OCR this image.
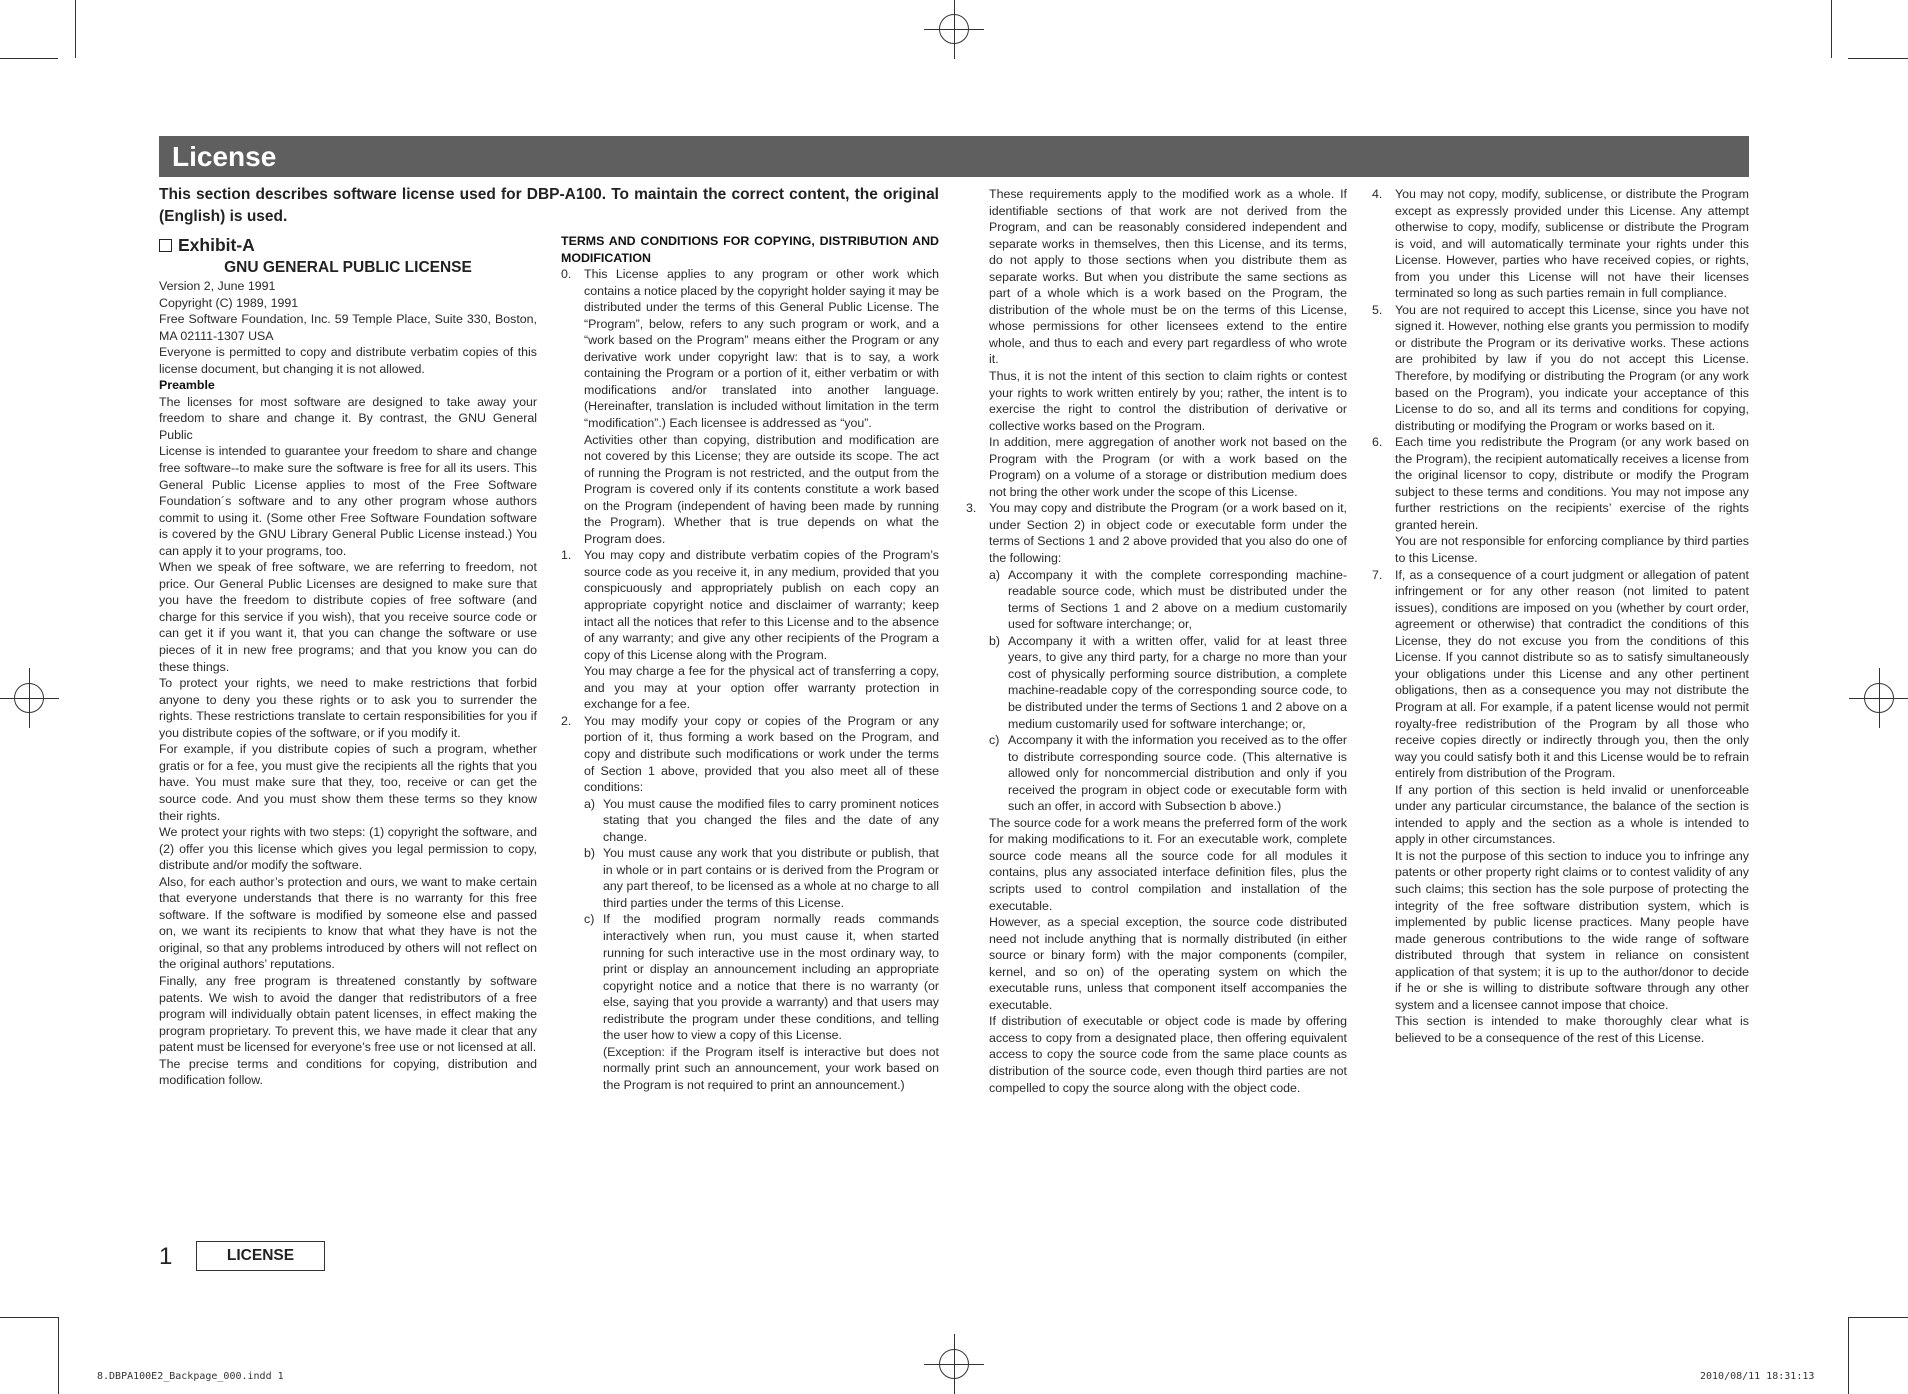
License
This section describes software license used for DBP-A100. To maintain the correct content, the original (English) is used.
Exhibit-A
GNU GENERAL PUBLIC LICENSE

Version 2, June 1991

Copyright (C) 1989, 1991

Free Software Foundation, Inc. 59 Temple Place, Suite 330, Boston, MA 02111-1307 USA

Everyone is permitted to copy and distribute verbatim copies of this license document, but changing it is not allowed.

Preamble

The licenses for most software are designed to take away your freedom to share and change it. By contrast, the GNU General Public

License is intended to guarantee your freedom to share and change free software--to make sure the software is free for all its users. This General Public License applies to most of the Free Software Foundation´s software and to any other program whose authors commit to using it. (Some other Free Software Foundation software is covered by the GNU Library General Public License instead.) You can apply it to your programs, too.

When we speak of free software, we are referring to freedom, not price. Our General Public Licenses are designed to make sure that you have the freedom to distribute copies of free software (and charge for this service if you wish), that you receive source code or can get it if you want it, that you can change the software or use pieces of it in new free programs; and that you know you can do these things.

To protect your rights, we need to make restrictions that forbid anyone to deny you these rights or to ask you to surrender the rights. These restrictions translate to certain responsibilities for you if you distribute copies of the software, or if you modify it.

For example, if you distribute copies of such a program, whether gratis or for a fee, you must give the recipients all the rights that you have. You must make sure that they, too, receive or can get the source code. And you must show them these terms so they know their rights.

We protect your rights with two steps: (1) copyright the software, and (2) offer you this license which gives you legal permission to copy, distribute and/or modify the software.

Also, for each author’s protection and ours, we want to make certain that everyone understands that there is no warranty for this free software. If the software is modified by someone else and passed on, we want its recipients to know that what they have is not the original, so that any problems introduced by others will not reflect on the original authors’ reputations.

Finally, any free program is threatened constantly by software patents. We wish to avoid the danger that redistributors of a free program will individually obtain patent licenses, in effect making the program proprietary. To prevent this, we have made it clear that any patent must be licensed for everyone’s free use or not licensed at all.

The precise terms and conditions for copying, distribution and modification follow.

TERMS AND CONDITIONS FOR COPYING, DISTRIBUTION AND MODIFICATION

0. This License applies to any program or other work which contains a notice placed by the copyright holder saying it may be distributed under the terms of this General Public License. The “Program”, below, refers to any such program or work, and a “work based on the Program” means either the Program or any derivative work under copyright law: that is to say, a work containing the Program or a portion of it, either verbatim or with modifications and/or translated into another language. (Hereinafter, translation is included without limitation in the term “modification”.) Each licensee is addressed as “you”.
Activities other than copying, distribution and modification are not covered by this License; they are outside its scope. The act of running the Program is not restricted, and the output from the Program is covered only if its contents constitute a work based on the Program (independent of having been made by running the Program). Whether that is true depends on what the Program does.
1. You may copy and distribute verbatim copies of the Program’s source code as you receive it, in any medium, provided that you conspicuously and appropriately publish on each copy an appropriate copyright notice and disclaimer of warranty; keep intact all the notices that refer to this License and to the absence of any warranty; and give any other recipients of the Program a copy of this License along with the Program.
You may charge a fee for the physical act of transferring a copy, and you may at your option offer warranty protection in exchange for a fee.
2. You may modify your copy or copies of the Program or any portion of it, thus forming a work based on the Program, and copy and distribute such modifications or work under the terms of Section 1 above, provided that you also meet all of these conditions:
a) You must cause the modified files to carry prominent notices stating that you changed the files and the date of any change.
b) You must cause any work that you distribute or publish, that in whole or in part contains or is derived from the Program or any part thereof, to be licensed as a whole at no charge to all third parties under the terms of this License.
c) If the modified program normally reads commands interactively when run, you must cause it, when started running for such interactive use in the most ordinary way, to print or display an announcement including an appropriate copyright notice and a notice that there is no warranty (or else, saying that you provide a warranty) and that users may redistribute the program under these conditions, and telling the user how to view a copy of this License.
(Exception: if the Program itself is interactive but does not normally print such an announcement, your work based on the Program is not required to print an announcement.)
These requirements apply to the modified work as a whole. If identifiable sections of that work are not derived from the Program, and can be reasonably considered independent and separate works in themselves, then this License, and its terms, do not apply to those sections when you distribute them as separate works. But when you distribute the same sections as part of a whole which is a work based on the Program, the distribution of the whole must be on the terms of this License, whose permissions for other licensees extend to the entire whole, and thus to each and every part regardless of who wrote it.
Thus, it is not the intent of this section to claim rights or contest your rights to work written entirely by you; rather, the intent is to exercise the right to control the distribution of derivative or collective works based on the Program.
In addition, mere aggregation of another work not based on the Program with the Program (or with a work based on the Program) on a volume of a storage or distribution medium does not bring the other work under the scope of this License.
3. You may copy and distribute the Program (or a work based on it, under Section 2) in object code or executable form under the terms of Sections 1 and 2 above provided that you also do one of the following:
a) Accompany it with the complete corresponding machine-readable source code, which must be distributed under the terms of Sections 1 and 2 above on a medium customarily used for software interchange; or,
b) Accompany it with a written offer, valid for at least three years, to give any third party, for a charge no more than your cost of physically performing source distribution, a complete machine-readable copy of the corresponding source code, to be distributed under the terms of Sections 1 and 2 above on a medium customarily used for software interchange; or,
c) Accompany it with the information you received as to the offer to distribute corresponding source code. (This alternative is allowed only for noncommercial distribution and only if you received the program in object code or executable form with such an offer, in accord with Subsection b above.)
The source code for a work means the preferred form of the work for making modifications to it. For an executable work, complete source code means all the source code for all modules it contains, plus any associated interface definition files, plus the scripts used to control compilation and installation of the executable.
However, as a special exception, the source code distributed need not include anything that is normally distributed (in either source or binary form) with the major components (compiler, kernel, and so on) of the operating system on which the executable runs, unless that component itself accompanies the executable.
If distribution of executable or object code is made by offering access to copy from a designated place, then offering equivalent access to copy the source code from the same place counts as distribution of the source code, even though third parties are not compelled to copy the source along with the object code.
4. You may not copy, modify, sublicense, or distribute the Program except as expressly provided under this License. Any attempt otherwise to copy, modify, sublicense or distribute the Program is void, and will automatically terminate your rights under this License. However, parties who have received copies, or rights, from you under this License will not have their licenses terminated so long as such parties remain in full compliance.
5. You are not required to accept this License, since you have not signed it. However, nothing else grants you permission to modify or distribute the Program or its derivative works. These actions are prohibited by law if you do not accept this License. Therefore, by modifying or distributing the Program (or any work based on the Program), you indicate your acceptance of this License to do so, and all its terms and conditions for copying, distributing or modifying the Program or works based on it.
6. Each time you redistribute the Program (or any work based on the Program), the recipient automatically receives a license from the original licensor to copy, distribute or modify the Program subject to these terms and conditions. You may not impose any further restrictions on the recipients’ exercise of the rights granted herein.
You are not responsible for enforcing compliance by third parties to this License.
7. If, as a consequence of a court judgment or allegation of patent infringement or for any other reason (not limited to patent issues), conditions are imposed on you (whether by court order, agreement or otherwise) that contradict the conditions of this License, they do not excuse you from the conditions of this License. If you cannot distribute so as to satisfy simultaneously your obligations under this License and any other pertinent obligations, then as a consequence you may not distribute the Program at all. For example, if a patent license would not permit royalty-free redistribution of the Program by all those who receive copies directly or indirectly through you, then the only way you could satisfy both it and this License would be to refrain entirely from distribution of the Program.
If any portion of this section is held invalid or unenforceable under any particular circumstance, the balance of the section is intended to apply and the section as a whole is intended to apply in other circumstances.
It is not the purpose of this section to induce you to infringe any patents or other property right claims or to contest validity of any such claims; this section has the sole purpose of protecting the integrity of the free software distribution system, which is implemented by public license practices. Many people have made generous contributions to the wide range of software distributed through that system in reliance on consistent application of that system; it is up to the author/donor to decide if he or she is willing to distribute software through any other system and a licensee cannot impose that choice.
This section is intended to make thoroughly clear what is believed to be a consequence of the rest of this License.
1	LICENSE
8.DBPA100E2_Backpage_000.indd 1	2010/08/11 18:31:13
